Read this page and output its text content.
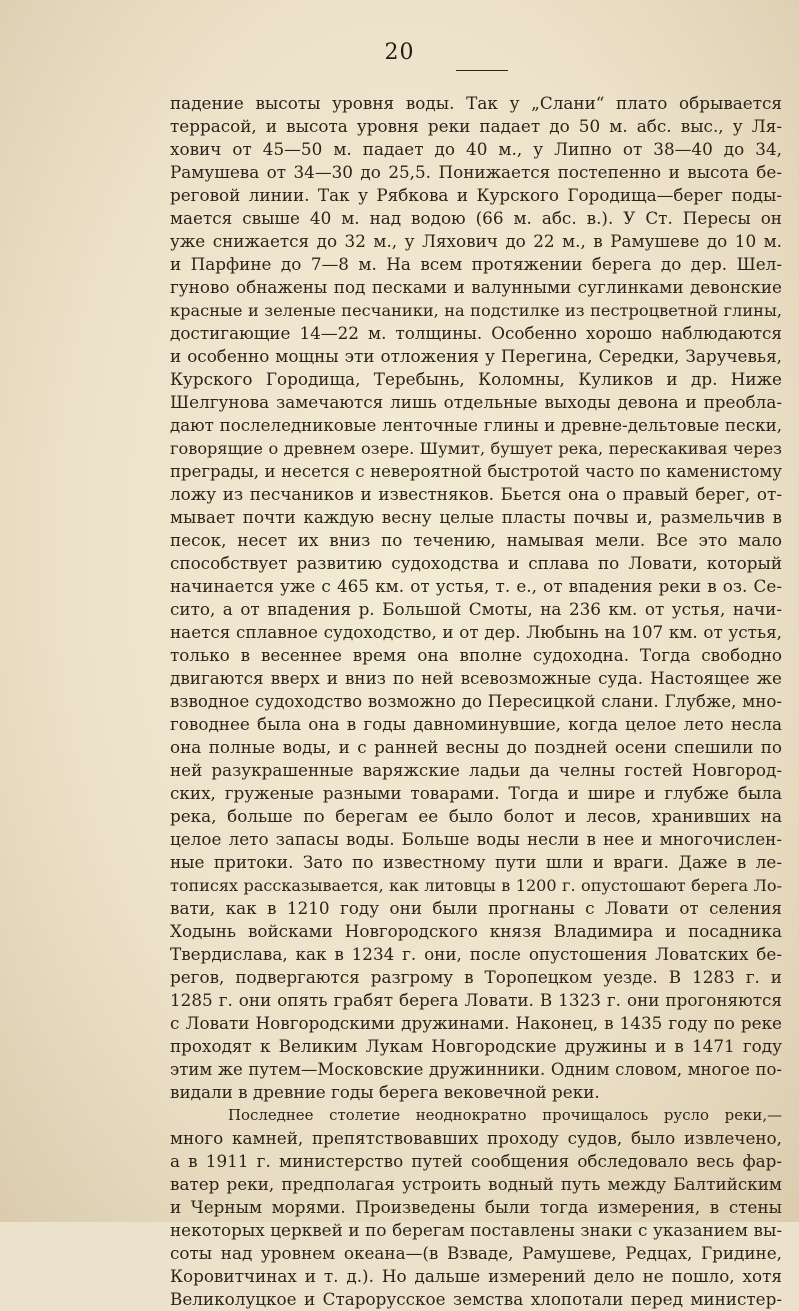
20
падение высоты уровня воды. Так у „Слани“ плато обрывается
террасой, и высота уровня реки падает до 50 м. абс. выс., у Ля-
хович от 45—50 м. падает до 40 м., у Липно от 38—40 до 34,
Рамушева от 34—30 до 25,5. Понижается постепенно и высота бе-
реговой линии. Так у Рябкова и Курского Городища—берег поды-
мается свыше 40 м. над водою (66 м. абс. в.). У Ст. Пересы он
уже снижается до 32 м., у Ляхович до 22 м., в Рамушеве до 10 м.
и Парфине до 7—8 м. На всем протяжении берега до дер. Шел-
гуново обнажены под песками и валунными суглинками девонские
красные и зеленые песчаники, на подстилке из пестроцветной глины,
достигающие 14—22 м. толщины. Особенно хорошо наблюдаются
и особенно мощны эти отложения у Перегина, Середки, Заручевья,
Курского Городища, Теребынь, Коломны, Куликов и др. Ниже
Шелгунова замечаются лишь отдельные выходы девона и преобла-
дают послеледниковые ленточные глины и древне-дельтовые пески,
говорящие о древнем озере. Шумит, бушует река, перескакивая через
преграды, и несется с невероятной быстротой часто по каменистому
ложу из песчаников и известняков. Бьется она о правый берег, от-
мывает почти каждую весну целые пласты почвы и, размельчив в
песок, несет их вниз по течению, намывая мели. Все это мало
способствует развитию судоходства и сплава по Ловати, который
начинается уже с 465 км. от устья, т. е., от впадения реки в оз. Се-
сито, а от впадения р. Большой Смоты, на 236 км. от устья, начи-
нается сплавное судоходство, и от дер. Любынь на 107 км. от устья,
только в весеннее время она вполне судоходна. Тогда свободно
двигаются вверх и вниз по ней всевозможные суда. Настоящее же
взводное судоходство возможно до Пересицкой слани. Глубже, мно-
говоднее была она в годы давноминувшие, когда целое лето несла
она полные воды, и с ранней весны до поздней осени спешили по
ней разукрашенные варяжские ладьи да челны гостей Новгород-
ских, груженые разными товарами. Тогда и шире и глубже была
река, больше по берегам ее было болот и лесов, хранивших на
целое лето запасы воды. Больше воды несли в нее и многочислен-
ные притоки. Зато по известному пути шли и враги. Даже в ле-
тописях рассказывается, как литовцы в 1200 г. опустошают берега Ло-
вати, как в 1210 году они были прогнаны с Ловати от селения
Ходынь войсками Новгородского князя Владимира и посадника
Твердислава, как в 1234 г. они, после опустошения Ловатских бе-
регов, подвергаются разгрому в Торопецком уезде. В 1283 г. и
1285 г. они опять грабят берега Ловати. В 1323 г. они прогоняются
с Ловати Новгородскими дружинами. Наконец, в 1435 году по реке
проходят к Великим Лукам Новгородские дружины и в 1471 году
этим же путем—Московские дружинники. Одним словом, многое по-
видали в древние годы берега вековечной реки.
Последнее столетие неоднократно прочищалось русло реки,—
много камней, препятствовавших проходу судов, было извлечено,
а в 1911 г. министерство путей сообщения обследовало весь фар-
ватер реки, предполагая устроить водный путь между Балтийским
и Черным морями. Произведены были тогда измерения, в стены
некоторых церквей и по берегам поставлены знаки с указанием вы-
соты над уровнем океана—(в Взваде, Рамушеве, Редцах, Гридине,
Коровитчинах и т. д.). Но дальше измерений дело не пошло, хотя
Великолуцкое и Старорусское земства хлопотали перед министер-
